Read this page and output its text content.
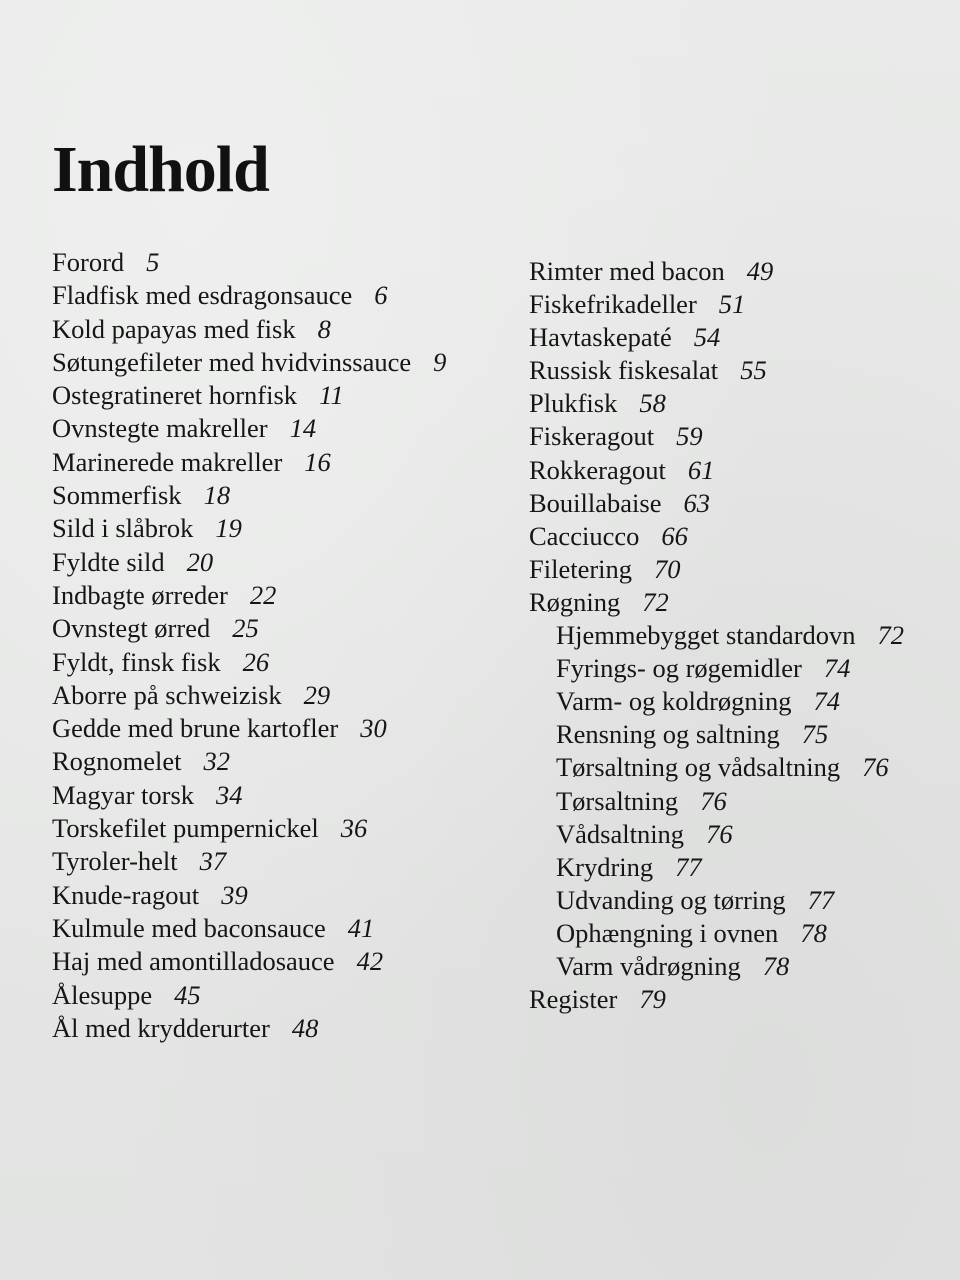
Indhold
Forord 5
Fladfisk med esdragonsauce 6
Kold papayas med fisk 8
Søtungefileter med hvidvinssauce 9
Ostegratineret hornfisk 11
Ovnstegte makreller 14
Marinerede makreller 16
Sommerfisk 18
Sild i slåbrok 19
Fyldte sild 20
Indbagte ørreder 22
Ovnstegt ørred 25
Fyldt, finsk fisk 26
Aborre på schweizisk 29
Gedde med brune kartofler 30
Rognomelet 32
Magyar torsk 34
Torskefilet pumpernickel 36
Tyroler-helt 37
Knude-ragout 39
Kulmule med baconsauce 41
Haj med amontilladosauce 42
Ålesuppe 45
Ål med krydderurter 48
Rimter med bacon 49
Fiskefrikadeller 51
Havtaskepaté 54
Russisk fiskesalat 55
Plukfisk 58
Fiskeragout 59
Rokkeragout 61
Bouillabaise 63
Cacciucco 66
Filetering 70
Røgning 72
Hjemmebygget standardovn 72
Fyrings- og røgemidler 74
Varm- og koldrøgning 74
Rensning og saltning 75
Tørsaltning og vådsaltning 76
Tørsaltning 76
Vådsaltning 76
Krydring 77
Udvanding og tørring 77
Ophængning i ovnen 78
Varm vådrøgning 78
Register 79
